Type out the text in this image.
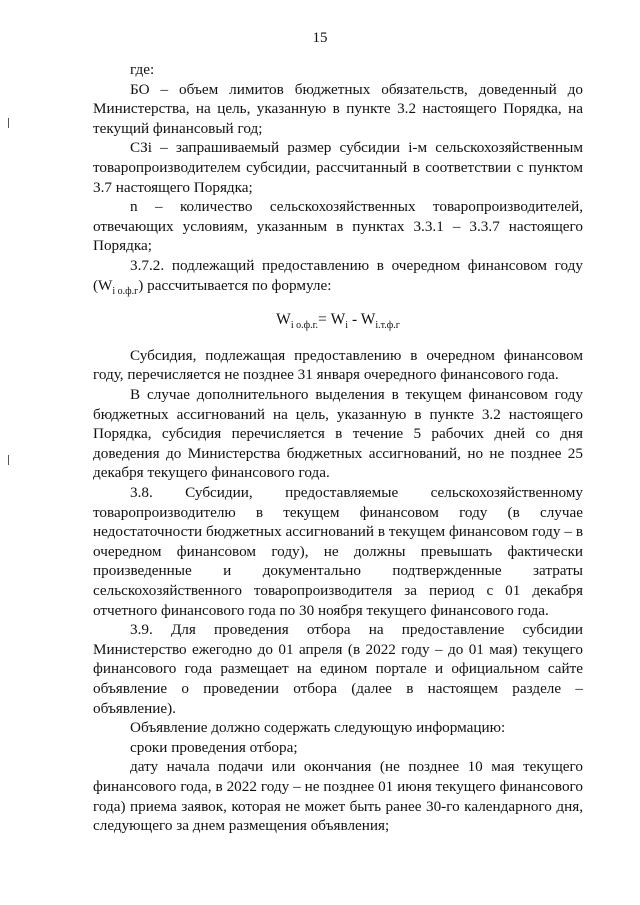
15

где:

БО – объем лимитов бюджетных обязательств, доведенный до Министерства, на цель, указанную в пункте 3.2 настоящего Порядка, на текущий финансовый год;

СЗi – запрашиваемый размер субсидии i-м сельскохозяйственным товаропроизводителем субсидии, рассчитанный в соответствии с пунктом 3.7 настоящего Порядка;

n – количество сельскохозяйственных товаропроизводителей, отвечающих условиям, указанным в пунктах 3.3.1 – 3.3.7 настоящего Порядка;

3.7.2. подлежащий предоставлению в очередном финансовом году $(W_{i о.ф.г})$ рассчитывается по формуле:

$W_{i о.ф.г.}= W_i - W_{i.т.ф.г}$

Субсидия, подлежащая предоставлению в очередном финансовом году, перечисляется не позднее 31 января очередного финансового года.

В случае дополнительного выделения в текущем финансовом году бюджетных ассигнований на цель, указанную в пункте 3.2 настоящего Порядка, субсидия перечисляется в течение 5 рабочих дней со дня доведения до Министерства бюджетных ассигнований, но не позднее 25 декабря текущего финансового года.

3.8. Субсидии, предоставляемые сельскохозяйственному товаропроизводителю в текущем финансовом году (в случае недостаточности бюджетных ассигнований в текущем финансовом году – в очередном финансовом году), не должны превышать фактически произведенные и документально подтвержденные затраты сельскохозяйственного товаропроизводителя за период с 01 декабря отчетного финансового года по 30 ноября текущего финансового года.

3.9. Для проведения отбора на предоставление субсидии Министерство ежегодно до 01 апреля (в 2022 году – до 01 мая) текущего финансового года размещает на едином портале и официальном сайте объявление о проведении отбора (далее в настоящем разделе – объявление).

Объявление должно содержать следующую информацию:

сроки проведения отбора;

дату начала подачи или окончания (не позднее 10 мая текущего финансового года, в 2022 году – не позднее 01 июня текущего финансового года) приема заявок, которая не может быть ранее 30-го календарного дня, следующего за днем размещения объявления;
